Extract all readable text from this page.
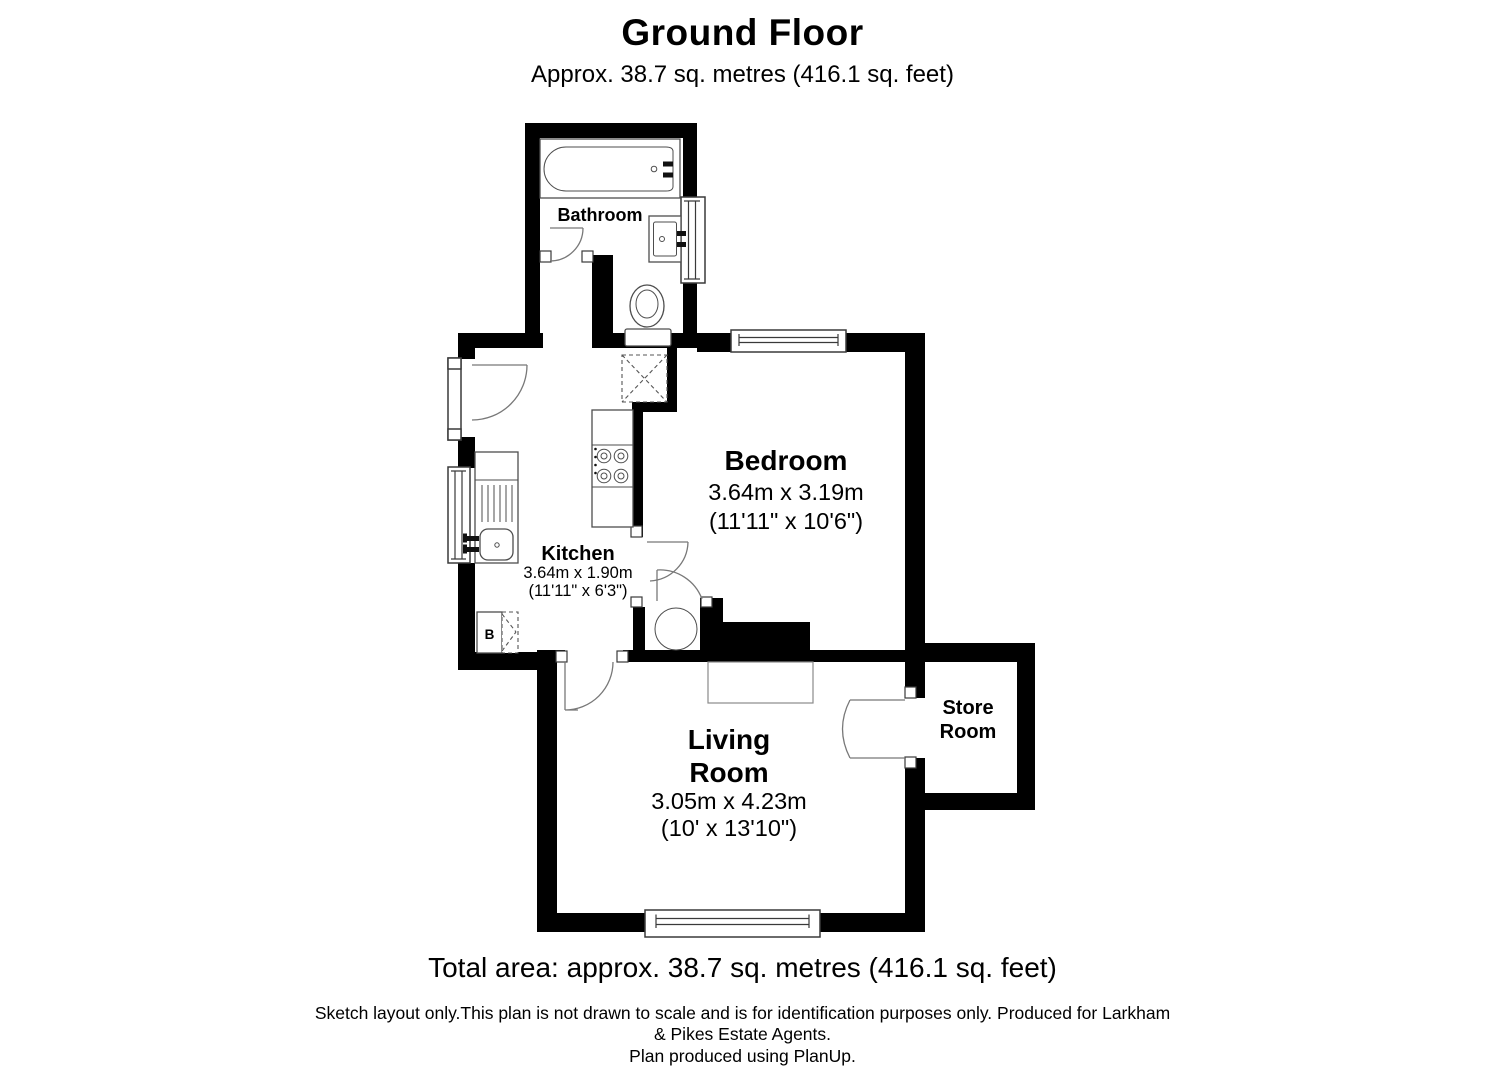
Ground Floor
Approx. 38.7 sq. metres (416.1 sq. feet)
B
Bathroom
Bedroom
3.64m x 3.19m
(11'11" x 10'6")
Kitchen
3.64m x 1.90m
(11'11" x 6'3")
Living
Room
3.05m x 4.23m
(10' x 13'10")
Store
Room
Total area: approx. 38.7 sq. metres (416.1 sq. feet)
Sketch layout only.This plan is not drawn to scale and is for identification purposes only. Produced for Larkham
& Pikes Estate Agents.
Plan produced using PlanUp.
